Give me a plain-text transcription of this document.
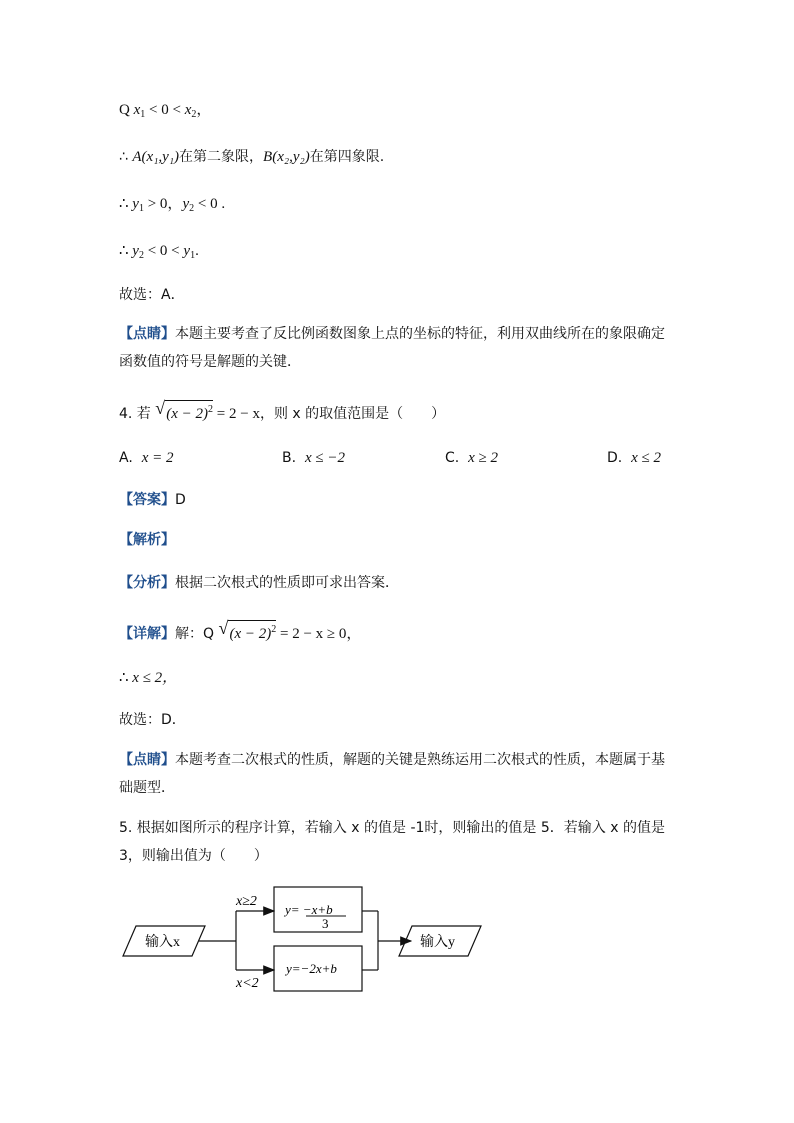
Q $x_1 < 0 < x_2$，
∴ A(x₁,y₁)在第二象限，B(x₂,y₂)在第四象限.
∴ $y_1 > 0$，$y_2 < 0$ .
∴ $y_2 < 0 < y_1$.
故选：A．
【点睛】本题主要考查了反比例函数图象上点的坐标的特征，利用双曲线所在的象限确定
函数值的符号是解题的关键．
4. 若 √ $(x - 2)^2 = 2 - x$，则 x 的取值范围是（　　）
A. x = 2	B. x ≤ −2	C. x ≥ 2	D. x ≤ 2
【答案】D
【解析】
【分析】根据二次根式的性质即可求出答案．
【详解】解：Q √ $(x - 2)^2 = 2 - x \ge 0$，
∴ x ≤ 2，
故选：D．
【点睛】本题考查二次根式的性质，解题的关键是熟练运用二次根式的性质，本题属于基
础题型．
5. 根据如图所示的程序计算，若输入 x 的值是 -1时，则输出的值是 5．若输入 x 的值是
3，则输出值为（　　）
输入x
x≥2
x<2
y= −x+b
3
y=−2x+b
输入y
